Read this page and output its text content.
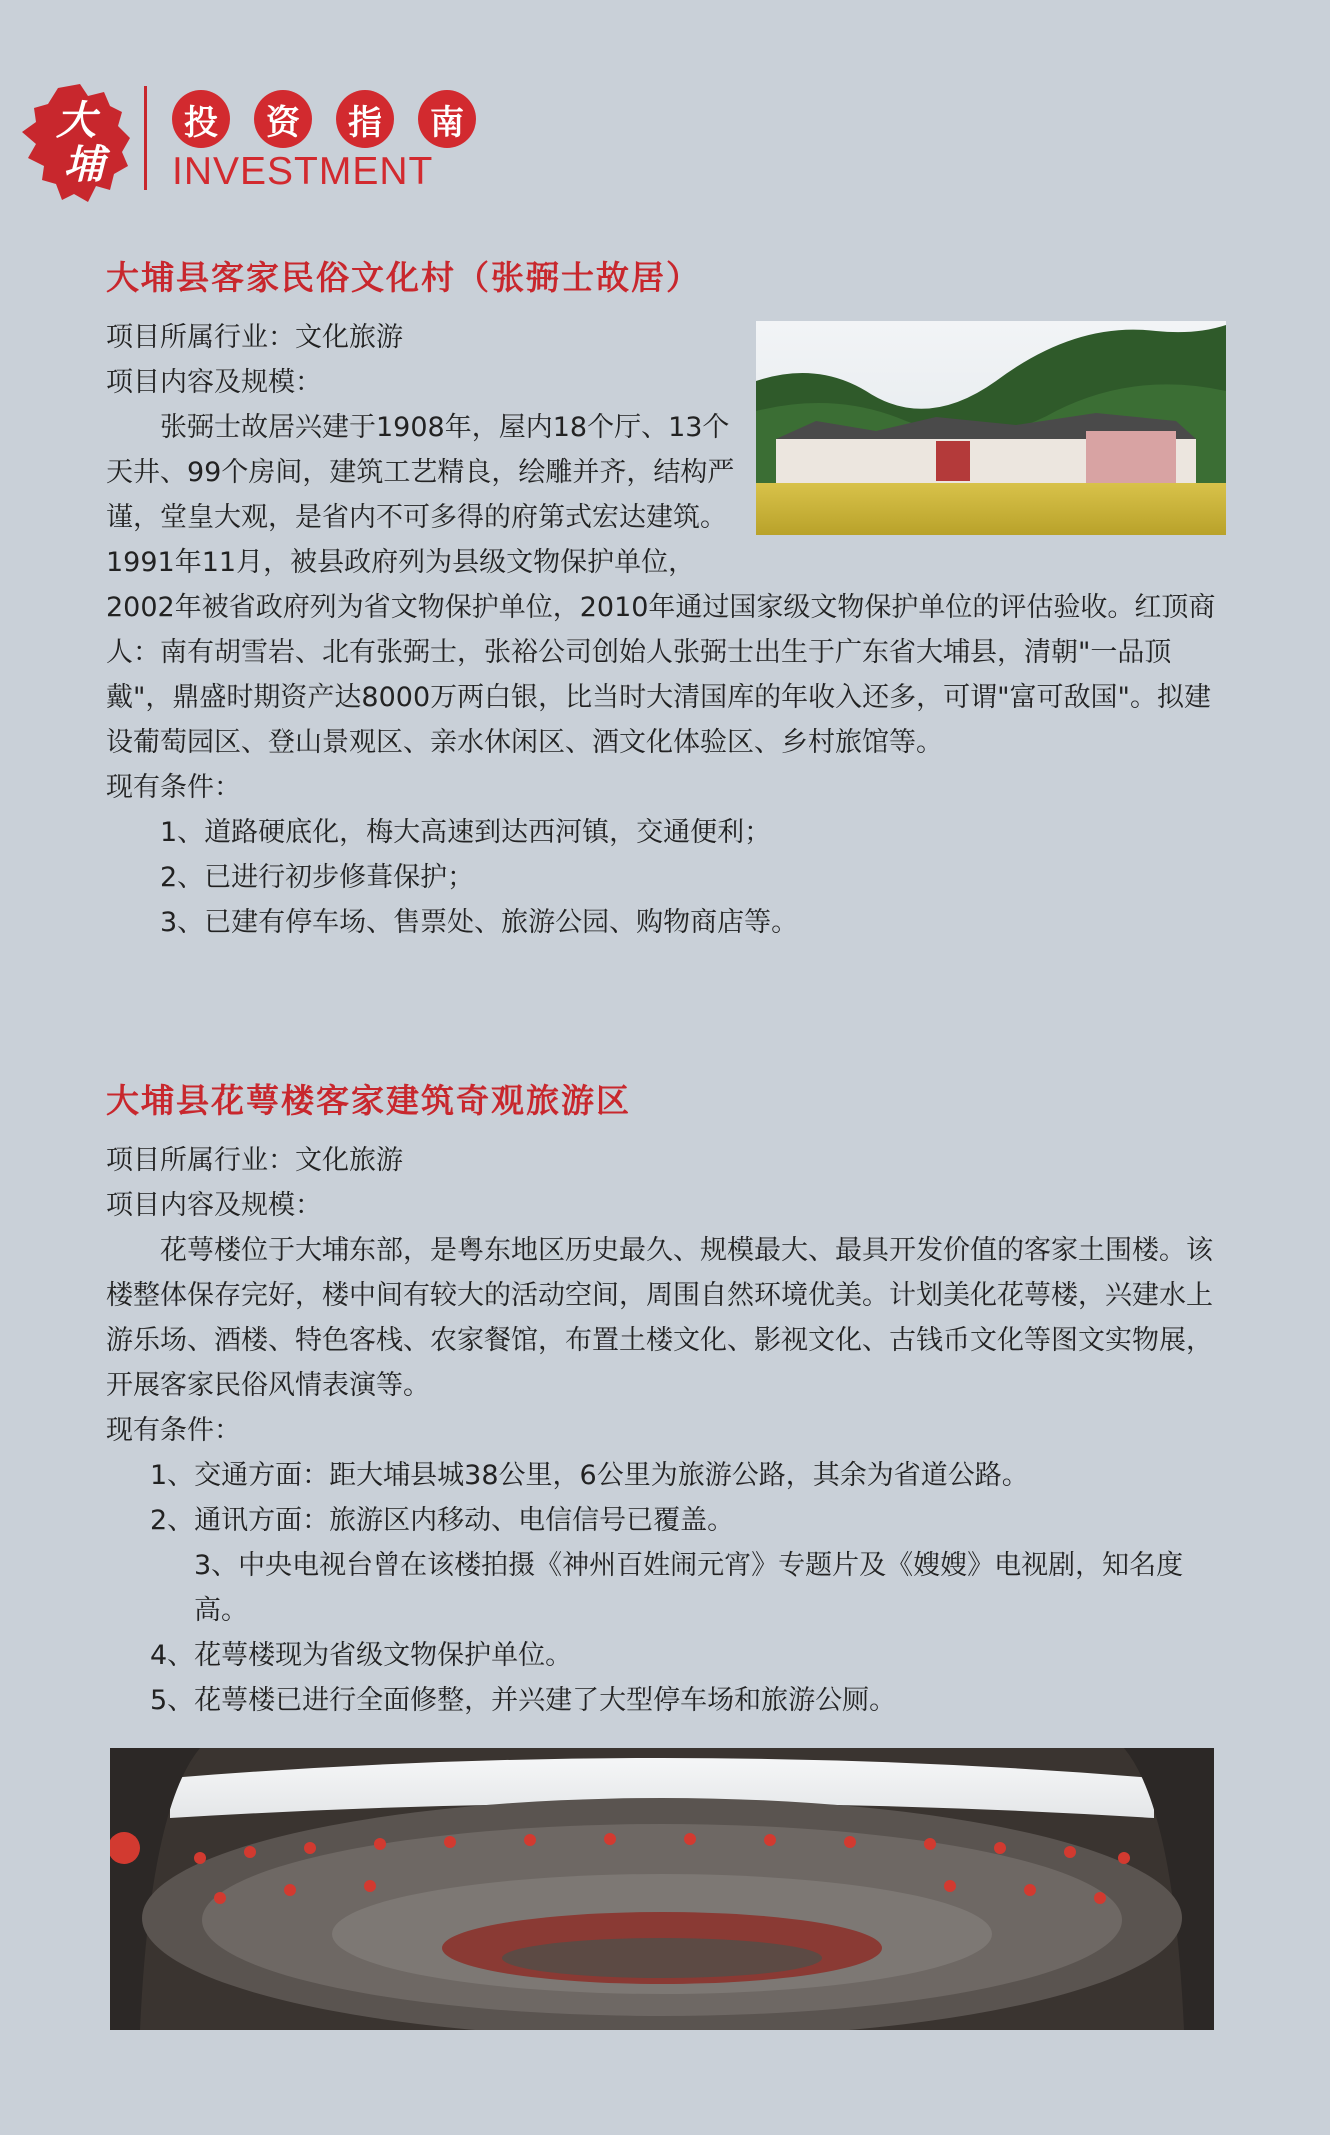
大
埔
投	资	指	南
INVESTMENT
大埔县客家民俗文化村（张弼士故居）

项目所属行业：文化旅游

项目内容及规模：

张弼士故居兴建于1908年，屋内18个厅、13个天井、99个房间，建筑工艺精良，绘雕并齐，结构严谨，堂皇大观，是省内不可多得的府第式宏达建筑。1991年11月，被县政府列为县级文物保护单位，2002年被省政府列为省文物保护单位，2010年通过国家级文物保护单位的评估验收。红顶商人：南有胡雪岩、北有张弼士，张裕公司创始人张弼士出生于广东省大埔县，清朝"一品顶戴"，鼎盛时期资产达8000万两白银，比当时大清国库的年收入还多，可谓"富可敌国"。拟建设葡萄园区、登山景观区、亲水休闲区、酒文化体验区、乡村旅馆等。

现有条件：

1、道路硬底化，梅大高速到达西河镇，交通便利；

2、已进行初步修葺保护；

3、已建有停车场、售票处、旅游公园、购物商店等。

大埔县花萼楼客家建筑奇观旅游区

项目所属行业：文化旅游

项目内容及规模：

花萼楼位于大埔东部，是粤东地区历史最久、规模最大、最具开发价值的客家土围楼。该楼整体保存完好，楼中间有较大的活动空间，周围自然环境优美。计划美化花萼楼，兴建水上游乐场、酒楼、特色客栈、农家餐馆，布置土楼文化、影视文化、古钱币文化等图文实物展，开展客家民俗风情表演等。

现有条件：

1、交通方面：距大埔县城38公里，6公里为旅游公路，其余为省道公路。

2、通讯方面：旅游区内移动、电信信号已覆盖。

3、中央电视台曾在该楼拍摄《神州百姓闹元宵》专题片及《嫂嫂》电视剧，知名度高。

4、花萼楼现为省级文物保护单位。

5、花萼楼已进行全面修整，并兴建了大型停车场和旅游公厕。
